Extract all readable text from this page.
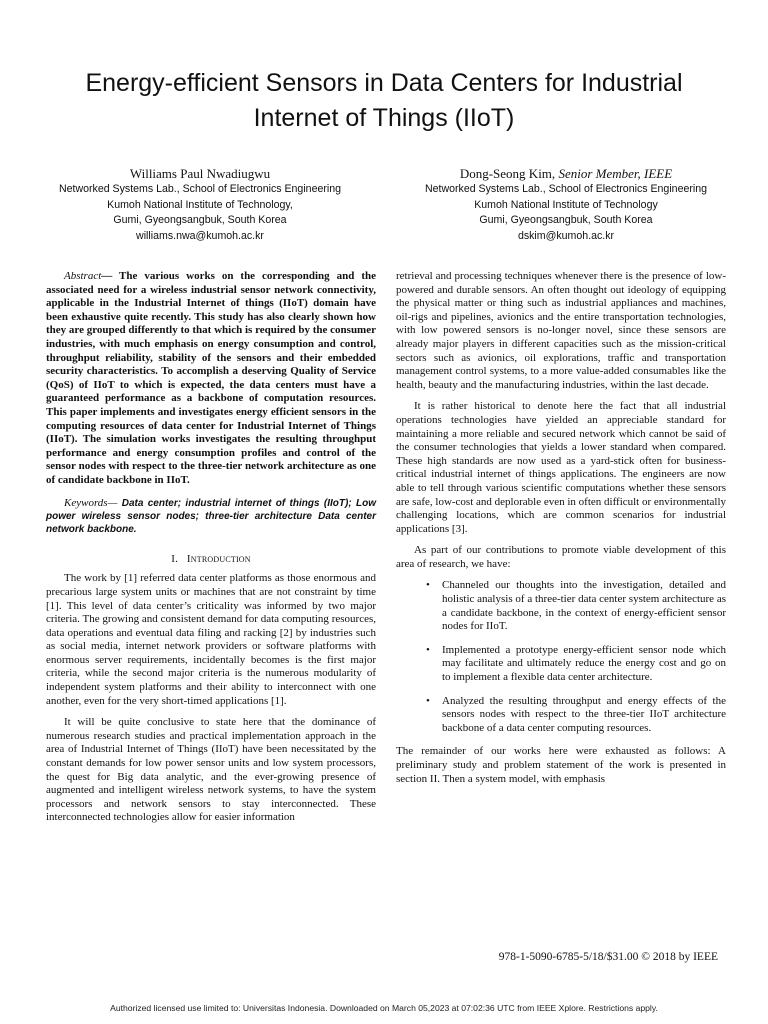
Energy-efficient Sensors in Data Centers for Industrial Internet of Things (IIoT)
Williams Paul Nwadiugwu
Networked Systems Lab., School of Electronics Engineering
Kumoh National Institute of Technology,
Gumi, Gyeongsangbuk, South Korea
williams.nwa@kumoh.ac.kr
Dong-Seong Kim, Senior Member, IEEE
Networked Systems Lab., School of Electronics Engineering
Kumoh National Institute of Technology
Gumi, Gyeongsangbuk, South Korea
dskim@kumoh.ac.kr

Abstract— The various works on the corresponding and the associated need for a wireless industrial sensor network connectivity, applicable in the Industrial Internet of things (IIoT) domain have been exhaustive quite recently. This study has also clearly shown how they are grouped differently to that which is required by the consumer industries, with much emphasis on energy consumption and control, throughput reliability, stability of the sensors and their embedded security characteristics. To accomplish a deserving Quality of Service (QoS) of IIoT to which is expected, the data centers must have a guaranteed performance as a backbone of computation resources. This paper implements and investigates energy efficient sensors in the computing resources of data center for Industrial Internet of Things (IIoT). The simulation works investigates the resulting throughput performance and energy consumption profiles and control of the sensor nodes with respect to the three-tier network architecture as one of candidate backbone in IIoT.

Keywords— Data center; industrial internet of things (IIoT); Low power wireless sensor nodes; three-tier architecture Data center network backbone.

I. Introduction

The work by [1] referred data center platforms as those enormous and precarious large system units or machines that are not constraint by time [1]. This level of data center’s criticality was informed by two major criteria. The growing and consistent demand for data computing resources, data operations and eventual data filing and racking [2] by industries such as social media, internet network providers or software platforms with enormous server requirements, incidentally becomes is the first major criteria, while the second major criteria is the numerous modularity of independent system platforms and their ability to interconnect with one another, even for the very short-timed applications [1].

It will be quite conclusive to state here that the dominance of numerous research studies and practical implementation approach in the area of Industrial Internet of Things (IIoT) have been necessitated by the constant demands for low power sensor units and low system processors, the quest for Big data analytic, and the ever-growing presence of augmented and intelligent wireless network systems, to have the system processors and network sensors to stay interconnected. These interconnected technologies allow for easier information

retrieval and processing techniques whenever there is the presence of low-powered and durable sensors. An often thought out ideology of equipping the physical matter or thing such as industrial appliances and machines, oil-rigs and pipelines, avionics and the entire transportation technologies, with low powered sensors is no-longer novel, since these sensors are already major players in different capacities such as the mission-critical sectors such as avionics, oil explorations, traffic and transportation management control systems, to a more value-added consumables like the health, beauty and the manufacturing industries, within the last decade.

It is rather historical to denote here the fact that all industrial operations technologies have yielded an appreciable standard for maintaining a more reliable and secured network which cannot be said of the consumer technologies that yields a lower standard when compared. These high standards are now used as a yard-stick often for business-critical industrial internet of things applications. The engineers are now able to tell through various scientific computations whether these sensors are safe, low-cost and deplorable even in often difficult or environmentally challenging locations, which are common scenarios for industrial applications [3].

As part of our contributions to promote viable development of this area of research, we have:

• Channeled our thoughts into the investigation, detailed and holistic analysis of a three-tier data center system architecture as a candidate backbone, in the context of energy-efficient sensor nodes for IIoT.
• Implemented a prototype energy-efficient sensor node which may facilitate and ultimately reduce the energy cost and go on to implement a flexible data center architecture.
• Analyzed the resulting throughput and energy effects of the sensors nodes with respect to the three-tier IIoT architecture backbone of a data center computing resources.

The remainder of our works here were exhausted as follows: A preliminary study and problem statement of the work is presented in section II. Then a system model, with emphasis

978-1-5090-6785-5/18/$31.00 © 2018 by IEEE
Authorized licensed use limited to: Universitas Indonesia. Downloaded on March 05,2023 at 07:02:36 UTC from IEEE Xplore. Restrictions apply.
